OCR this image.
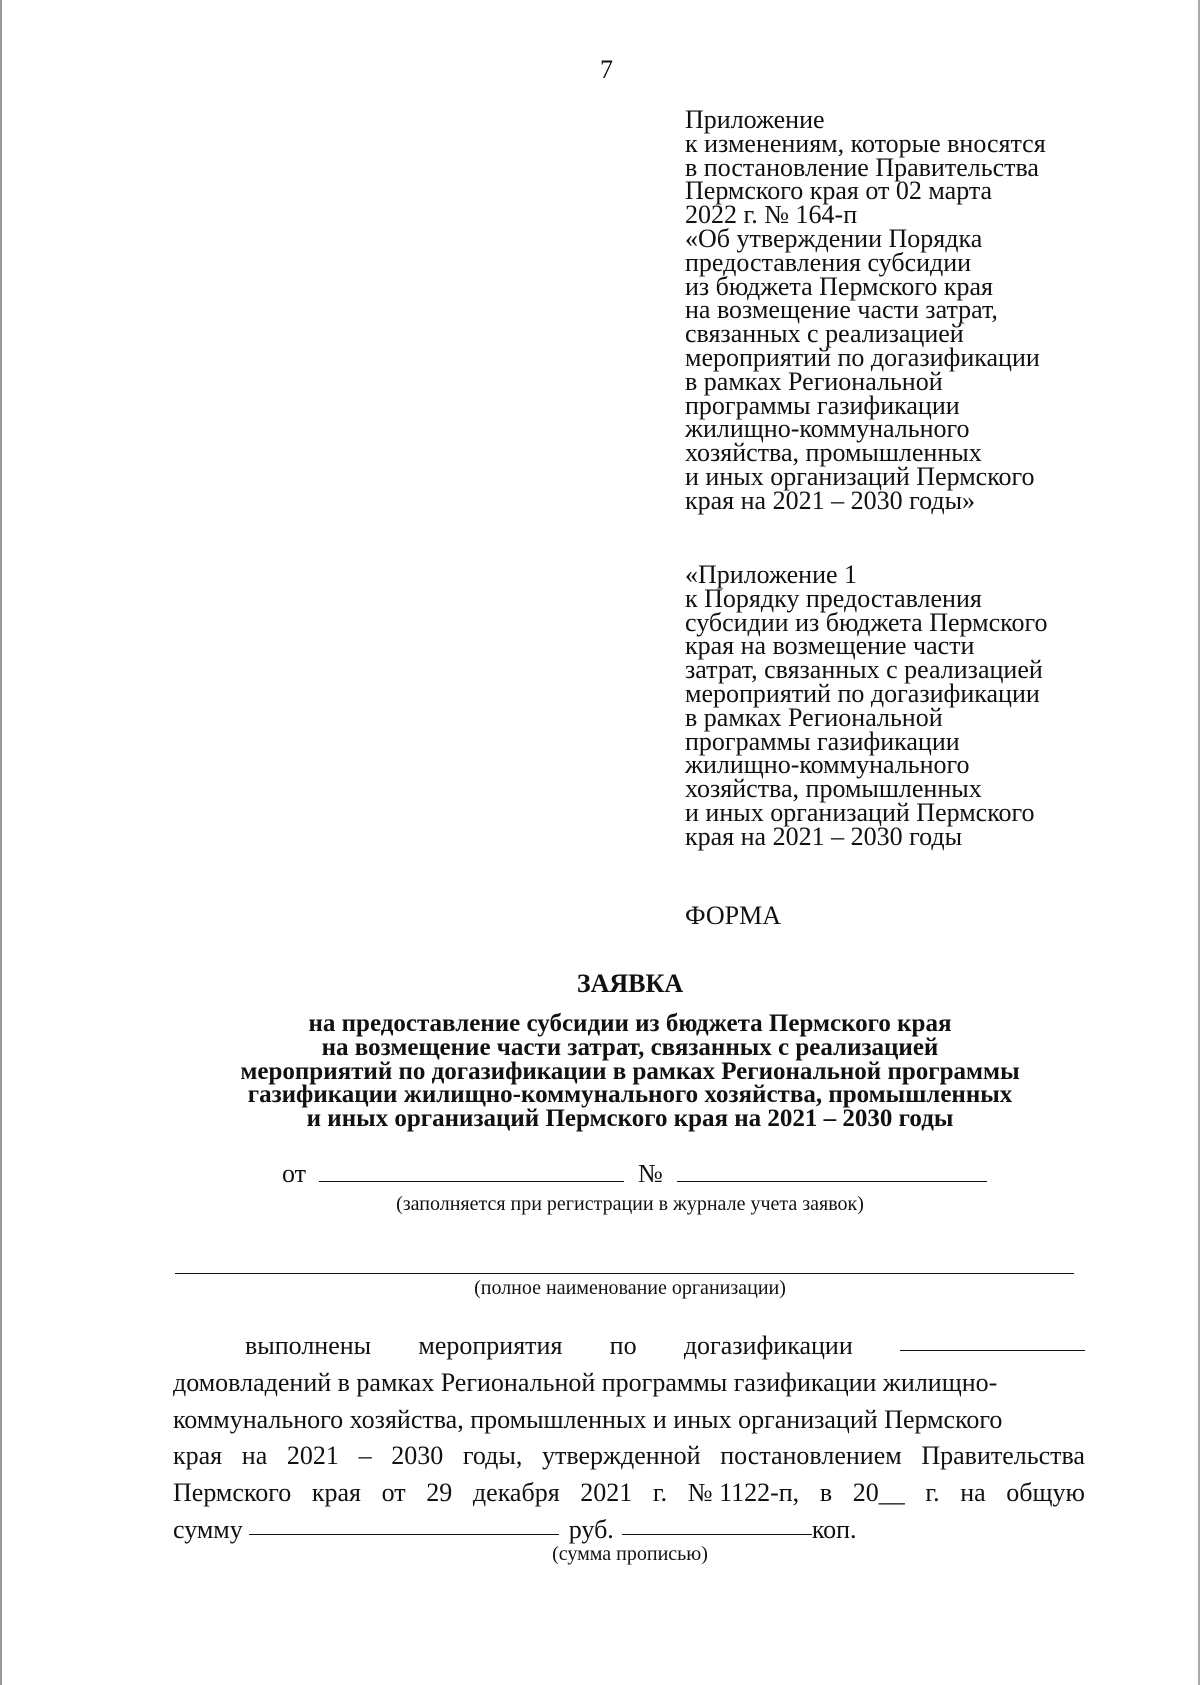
7
Приложение
к изменениям, которые вносятся
в постановление Правительства
Пермского края от 02 марта
2022 г. № 164-п
«Об утверждении Порядка
предоставления субсидии
из бюджета Пермского края
на возмещение части затрат,
связанных с реализацией
мероприятий по догазификации
в рамках Региональной
программы газификации
жилищно-коммунального
хозяйства, промышленных
и иных организаций Пермского
края на 2021 – 2030 годы»
«Приложение 1
к Порядку предоставления
субсидии из бюджета Пермского
края на возмещение части
затрат, связанных с реализацией
мероприятий по догазификации
в рамках Региональной
программы газификации
жилищно-коммунального
хозяйства, промышленных
и иных организаций Пермского
края на 2021 – 2030 годы
ФОРМА
ЗАЯВКА
на предоставление субсидии из бюджета Пермского края
на возмещение части затрат, связанных с реализацией
мероприятий по догазификации в рамках Региональной программы
газификации жилищно-коммунального хозяйства, промышленных
и иных организаций Пермского края на 2021 – 2030 годы
от	№
(заполняется при регистрации в журнале учета заявок)
(полное наименование организации)
выполнены мероприятия по догазификации
домовладений в рамках Региональной программы газификации жилищно-
коммунального хозяйства, промышленных и иных организаций Пермского
края на 2021 – 2030 годы, утвержденной постановлением Правительства
Пермского края от 29 декабря 2021 г. № 1122-п, в 20__ г. на общую
сумму	руб.	коп.
(сумма прописью)
